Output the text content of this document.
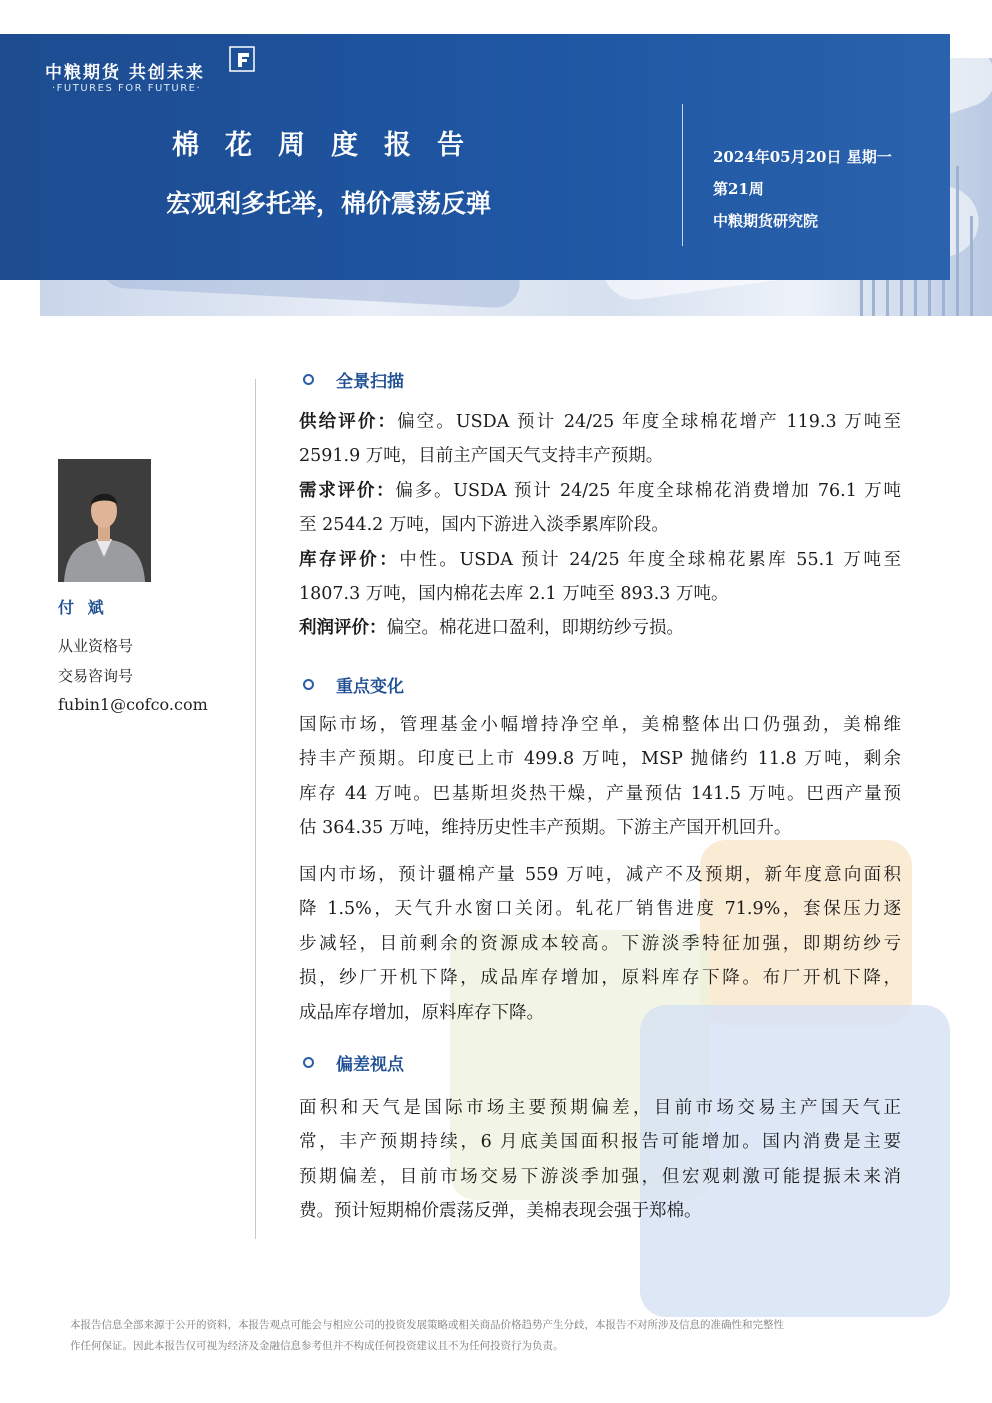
中粮期货 共创未来
·FUTURES FOR FUTURE·
棉花周度报告
宏观利多托举，棉价震荡反弹
2024年05月20日 星期一
第21周
中粮期货研究院
付 斌
从业资格号
交易咨询号
fubin1@cofco.com
全景扫描
供给评价：偏空。USDA 预计 24/25 年度全球棉花增产 119.3 万吨至
2591.9 万吨，目前主产国天气支持丰产预期。
需求评价：偏多。USDA 预计 24/25 年度全球棉花消费增加 76.1 万吨
至 2544.2 万吨，国内下游进入淡季累库阶段。
库存评价：中性。USDA 预计 24/25 年度全球棉花累库 55.1 万吨至
1807.3 万吨，国内棉花去库 2.1 万吨至 893.3 万吨。
利润评价：偏空。棉花进口盈利，即期纺纱亏损。
重点变化
国际市场，管理基金小幅增持净空单，美棉整体出口仍强劲，美棉维
持丰产预期。印度已上市 499.8 万吨，MSP 抛储约 11.8 万吨，剩余
库存 44 万吨。巴基斯坦炎热干燥，产量预估 141.5 万吨。巴西产量预
估 364.35 万吨，维持历史性丰产预期。下游主产国开机回升。
国内市场，预计疆棉产量 559 万吨，减产不及预期，新年度意向面积
降 1.5%，天气升水窗口关闭。轧花厂销售进度 71.9%，套保压力逐
步减轻，目前剩余的资源成本较高。下游淡季特征加强，即期纺纱亏
损，纱厂开机下降，成品库存增加，原料库存下降。布厂开机下降，
成品库存增加，原料库存下降。
偏差视点
面积和天气是国际市场主要预期偏差，目前市场交易主产国天气正
常，丰产预期持续，6 月底美国面积报告可能增加。国内消费是主要
预期偏差，目前市场交易下游淡季加强，但宏观刺激可能提振未来消
费。预计短期棉价震荡反弹，美棉表现会强于郑棉。
本报告信息全部来源于公开的资料，本报告观点可能会与相应公司的投资发展策略或相关商品价格趋势产生分歧，本报告不对所涉及信息的准确性和完整性
作任何保证。因此本报告仅可视为经济及金融信息参考但并不构成任何投资建议且不为任何投资行为负责。
